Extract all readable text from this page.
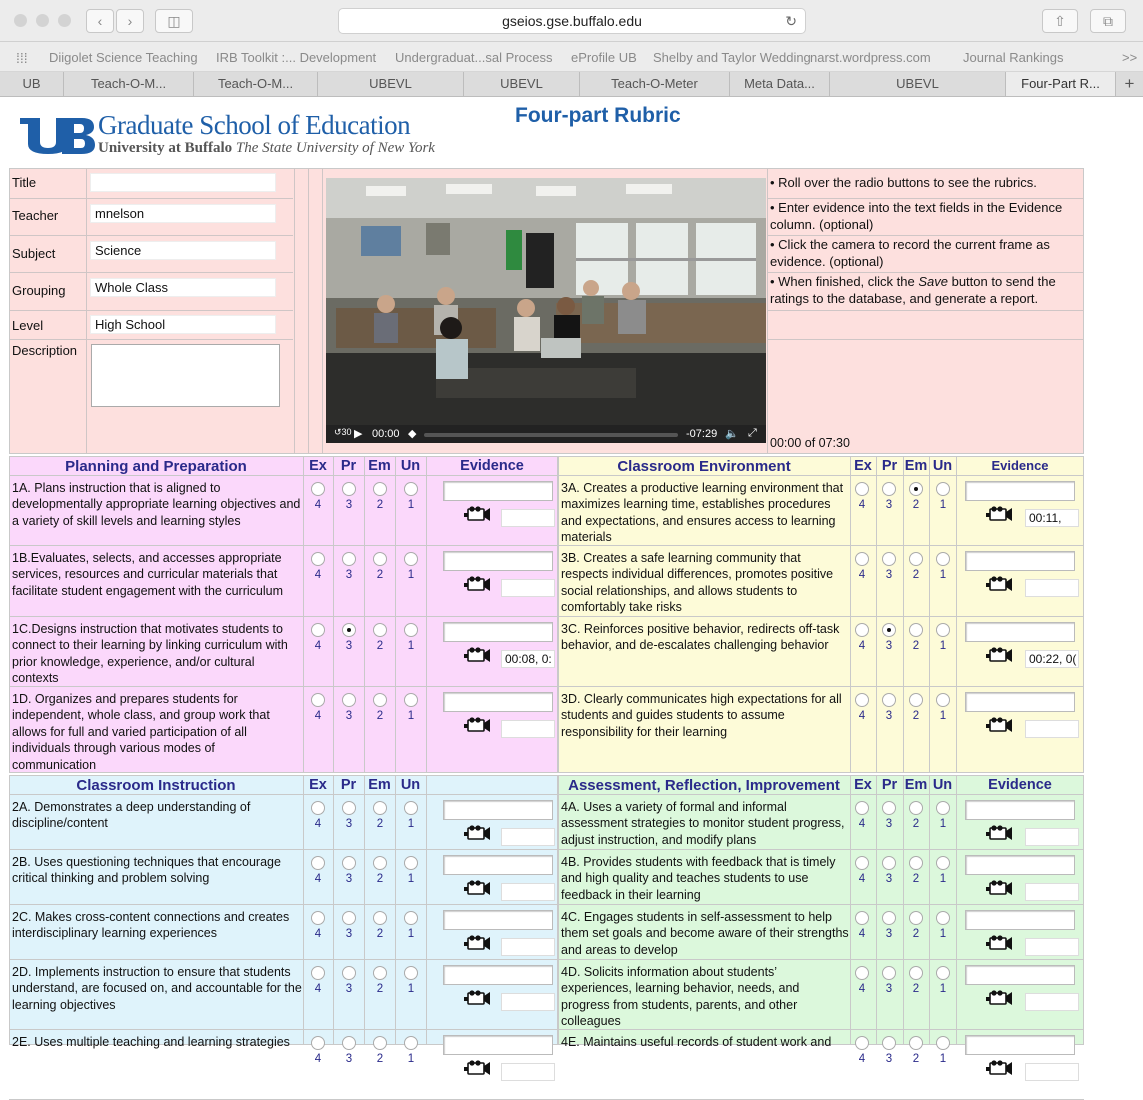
‹	›	◫	gseios.gse.buffalo.edu	↻	⇧	⧉
⁞⁞⁞ Diigolet Science Teaching IRB Toolkit :... Development Undergraduat...sal Process eProfile UB Shelby and Taylor Wedding narst.wordpress.com Journal Rankings	>>
UB	Teach-O-M...	Teach-O-M...	UBEVL	UBEVL	Teach-O-Meter	Meta Data...	UBEVL	Four-Part R...	+
Graduate School of Education
University at Buffalo The State University of New York
Four-part Rubric
Title
Teacher	mnelson
Subject	Science
Grouping	Whole Class
Level	High School
Description
↺30 ▶ 00:00 ◆	-07:29 🔈 ⤢
• Roll over the radio buttons to see the rubrics.
• Enter evidence into the text fields in the Evidence column. (optional)
• Click the camera to record the current frame as evidence. (optional)
• When finished, click the Save button to send the ratings to the database, and generate a report.
00:00 of 07:30
Planning and Preparation	Ex Pr Em Un	Evidence
1A. Plans instruction that is aligned to developmentally appropriate learning objectives and a variety of skill levels and learning styles
4	3	2	1
1B.Evaluates, selects, and accesses appropriate services, resources and curricular materials that facilitate student engagement with the curriculum
4	3	2	1
1C.Designs instruction that motivates students to connect to their learning by linking curriculum with prior knowledge, experience, and/or cultural contexts
4	3	2	1
00:08, 0:
1D. Organizes and prepares students for independent, whole class, and group work that allows for full and varied participation of all individuals through various modes of communication
4	3	2	1
Classroom Environment	Ex Pr Em Un	Evidence
3A. Creates a productive learning environment that maximizes learning time, establishes procedures and expectations, and ensures access to learning materials
4	3	2	1
00:11,
3B. Creates a safe learning community that respects individual differences, promotes positive social relationships, and allows students to comfortably take risks
4	3	2	1
3C. Reinforces positive behavior, redirects off-task behavior, and de-escalates challenging behavior	4	3	2	1
00:22, 0(
3D. Clearly communicates high expectations for all students and guides students to assume responsibility for their learning
4	3	2	1
Classroom Instruction	Ex Pr Em Un
2A. Demonstrates a deep understanding of discipline/content	4	3	2	1
2B. Uses questioning techniques that encourage critical thinking and problem solving	4	3	2	1
2C. Makes cross-content connections and creates interdisciplinary learning experiences	4	3	2	1
2D. Implements instruction to ensure that students understand, are focused on, and accountable for the learning objectives
4	3	2	1
2E. Uses multiple teaching and learning strategies
4	3	2	1
Assessment, Reflection, Improvement Ex Pr Em Un	Evidence
4A. Uses a variety of formal and informal assessment strategies to monitor student progress, adjust instruction, and modify plans
4	3	2	1
4B. Provides students with feedback that is timely and high quality and teaches students to use feedback in their learning
4	3	2	1
4C. Engages students in self-assessment to help them set goals and become aware of their strengths and areas to develop
4	3	2	1
4D. Solicits information about students’ experiences, learning behavior, needs, and progress from students, parents, and other colleagues
4	3	2	1
4E. Maintains useful records of student work and
4	3	2	1
